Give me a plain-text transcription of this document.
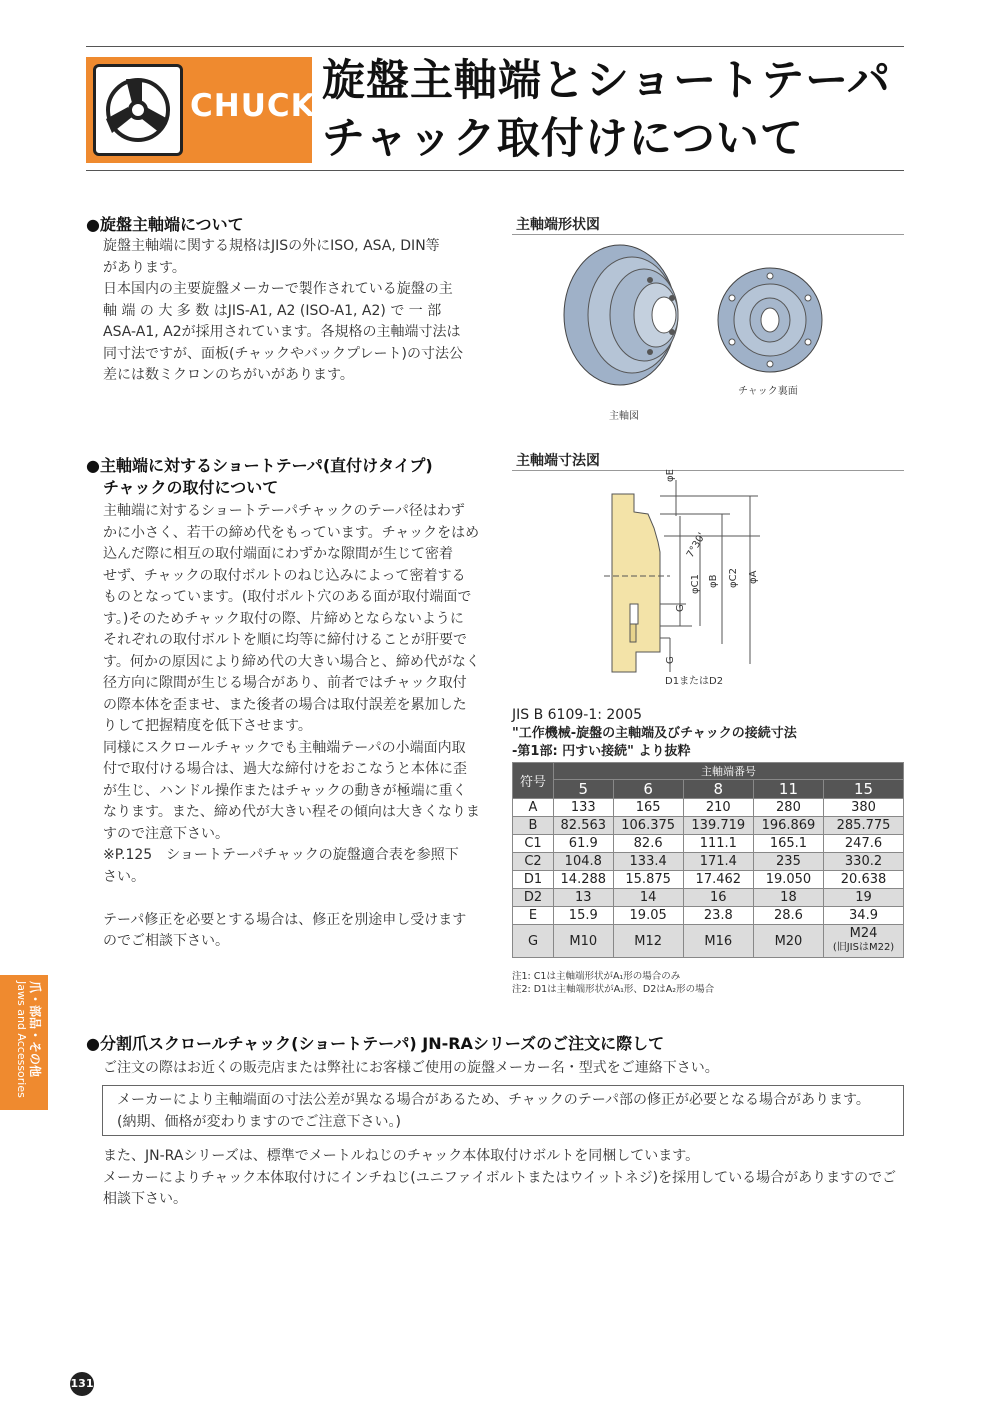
CHUCK 旋盤主軸端とショートテーパ
チャック取付けについて
●旋盤主軸端について
旋盤主軸端に関する規格はJISの外にISO, ASA, DIN等
があります。
日本国内の主要旋盤メーカーで製作されている旋盤の主
軸 端 の 大 多 数 はJIS-A1, A2 (ISO-A1, A2) で 一 部
ASA-A1, A2が採用されています。各規格の主軸端寸法は
同寸法ですが、面板(チャックやバックプレート)の寸法公
差には数ミクロンのちがいがあります。
主軸端形状図
チャック裏面
主軸図
●主軸端に対するショートテーパ(直付けタイプ)
チャックの取付について
主軸端に対するショートテーパチャックのテーパ径はわず
かに小さく、若干の締め代をもっています。チャックをはめ
込んだ際に相互の取付端面にわずかな隙間が生じて密着
せず、チャックの取付ボルトのねじ込みによって密着する
ものとなっています。(取付ボルト穴のある面が取付端面で
す。)そのためチャック取付の際、片締めとならないように
それぞれの取付ボルトを順に均等に締付けることが肝要で
す。何かの原因により締め代の大きい場合と、締め代がなく
径方向に隙間が生じる場合があり、前者ではチャック取付
の際本体を歪ませ、また後者の場合は取付誤差を累加した
りして把握精度を低下させます。
同様にスクロールチャックでも主軸端テーパの小端面内取
付で取付ける場合は、過大な締付けをおこなうと本体に歪
が生じ、ハンドル操作またはチャックの動きが極端に重く
なります。また、締め代が大きい程その傾向は大きくなりま
すので注意下さい。
※P.125　ショートテーパチャックの旋盤適合表を参照下
さい。
テーパ修正を必要とする場合は、修正を別途申し受けます
のでご相談下さい。
主軸端寸法図
φE
7°30'
φC1 φB φC2 φA
G
G
D1またはD2
JIS B 6109-1: 2005
"工作機械-旋盤の主軸端及びチャックの接続寸法
-第1部: 円すい接続" より抜粋
符号	主軸端番号				
	5	6	8	11	15
A	133	165	210	280	380
B	82.563	106.375	139.719	196.869	285.775
C1	61.9	82.6	111.1	165.1	247.6
C2	104.8	133.4	171.4	235	330.2
D1	14.288	15.875	17.462	19.050	20.638
D2	13	14	16	18	19
E	15.9	19.05	23.8	28.6	34.9
G	M10	M12	M16	M20	M24
(旧JISはM22)
注1: C1は主軸端形状がA₁形の場合のみ
注2: D1は主軸端形状がA₁形、D2はA₂形の場合
●分割爪スクロールチャック(ショートテーパ) JN-RAシリーズのご注文に際して
ご注文の際はお近くの販売店または弊社にお客様ご使用の旋盤メーカー名・型式をご連絡下さい。
メーカーにより主軸端面の寸法公差が異なる場合があるため、チャックのテーパ部の修正が必要となる場合があります。
(納期、価格が変わりますのでご注意下さい。)
また、JN-RAシリーズは、標準でメートルねじのチャック本体取付けボルトを同梱しています。
メーカーによりチャック本体取付けにインチねじ(ユニファイボルトまたはウイットネジ)を採用している場合がありますのでご
相談下さい。
爪・部品・その他
Jaws and Accessories
131
